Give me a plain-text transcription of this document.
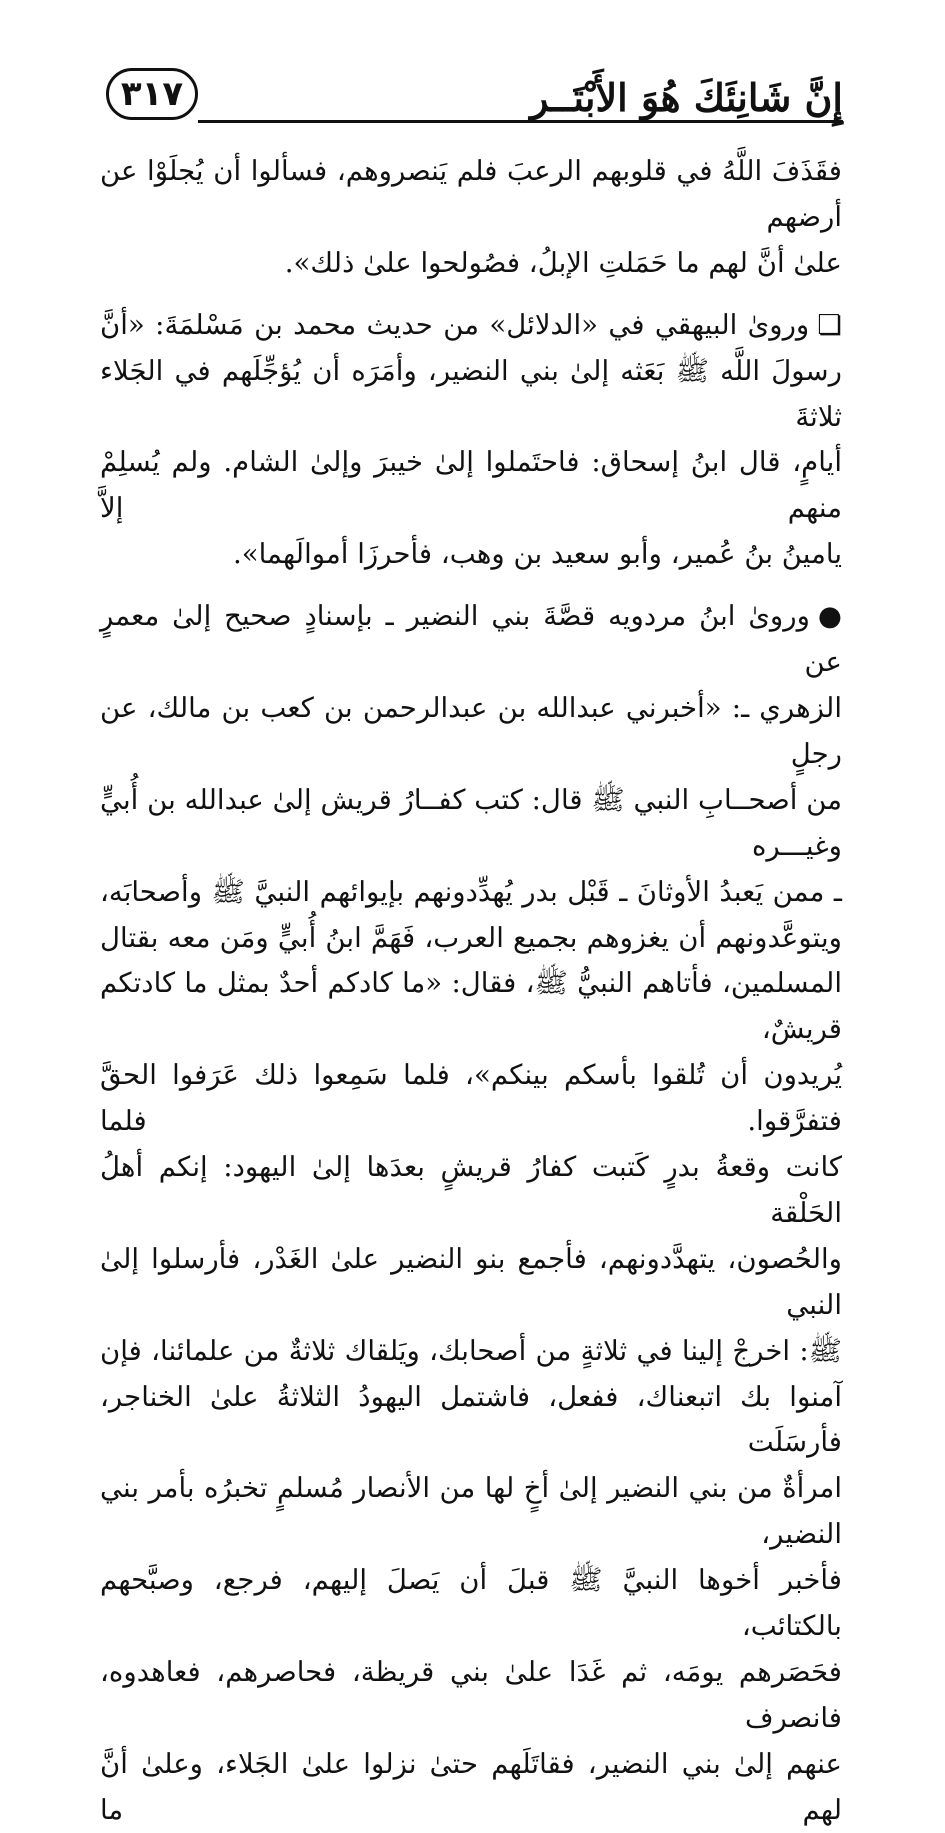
إِنَّ شَانِئَكَ هُوَ الأَبْتَــر
٣١٧

فقَذَفَ اللَّهُ في قلوبهم الرعبَ فلم يَنصروهم، فسألوا أن يُجلَوْا عن أرضهم

علىٰ أنَّ لهم ما حَمَلتِ الإبلُ، فصُولحوا علىٰ ذلك».

❏ورویٰ البيهقي في «الدلائل» من حديث محمد بن مَسْلمَةَ: «أنَّ

رسولَ اللَّه ﷺ بَعَثه إلىٰ بني النضير، وأمَرَه أن يُؤجِّلَهم في الجَلاء ثلاثةَ

أيامٍ، قال ابنُ إسحاق: فاحتَملوا إلىٰ خيبرَ وإلىٰ الشام. ولم يُسلِمْ منهم إلاَّ

يامينُ بنُ عُمير، وأبو سعيد بن وهب، فأحرزَا أموالَهما».

●ورویٰ ابنُ مردويه قصَّةَ بني النضير ـ بإسنادٍ صحيح إلىٰ معمرٍ عن

الزهري ـ: «أخبرني عبدالله بن عبدالرحمن بن كعب بن مالك، عن رجلٍ

من أصحــابِ النبي ﷺ قال: كتب كفــارُ قريش إلىٰ عبدالله بن أُبيٍّ وغيـــره

ـ ممن يَعبدُ الأوثانَ ـ قَبْل بدر يُهدِّدونهم بإيوائهم النبيَّ ﷺ وأصحابَه،

ويتوعَّدونهم أن يغزوهم بجميع العرب، فَهَمَّ ابنُ أُبيٍّ ومَن معه بقتال

المسلمين، فأتاهم النبيُّ ﷺ، فقال: «ما كادكم أحدٌ بمثل ما كادتكم قريشٌ،

يُريدون أن تُلقوا بأسكم بينكم»، فلما سَمِعوا ذلك عَرَفوا الحقَّ فتفرَّقوا. فلما

كانت وقعةُ بدرٍ كَتبت كفارُ قريشٍ بعدَها إلىٰ اليهود: إنكم أهلُ الحَلْقة

والحُصون، يتهدَّدونهم، فأجمع بنو النضير علىٰ الغَدْر، فأرسلوا إلىٰ النبي

ﷺ: اخرجْ إلينا في ثلاثةٍ من أصحابك، ويَلقاك ثلاثةٌ من علمائنا، فإن

آمنوا بك اتبعناك، ففعل، فاشتمل اليهودُ الثلاثةُ علىٰ الخناجر، فأرسَلَت

امرأةٌ من بني النضير إلىٰ أخٍ لها من الأنصار مُسلمٍ تخبرُه بأمر بني النضير،

فأخبر أخوها النبيَّ ﷺ قبلَ أن يَصلَ إليهم، فرجع، وصبَّحهم بالكتائب،

فحَصَرهم يومَه، ثم غَدَا علىٰ بني قريظة، فحاصرهم، فعاهدوه، فانصرف

عنهم إلىٰ بني النضير، فقاتَلَهم حتىٰ نزلوا علىٰ الجَلاء، وعلىٰ أنَّ لهم ما
